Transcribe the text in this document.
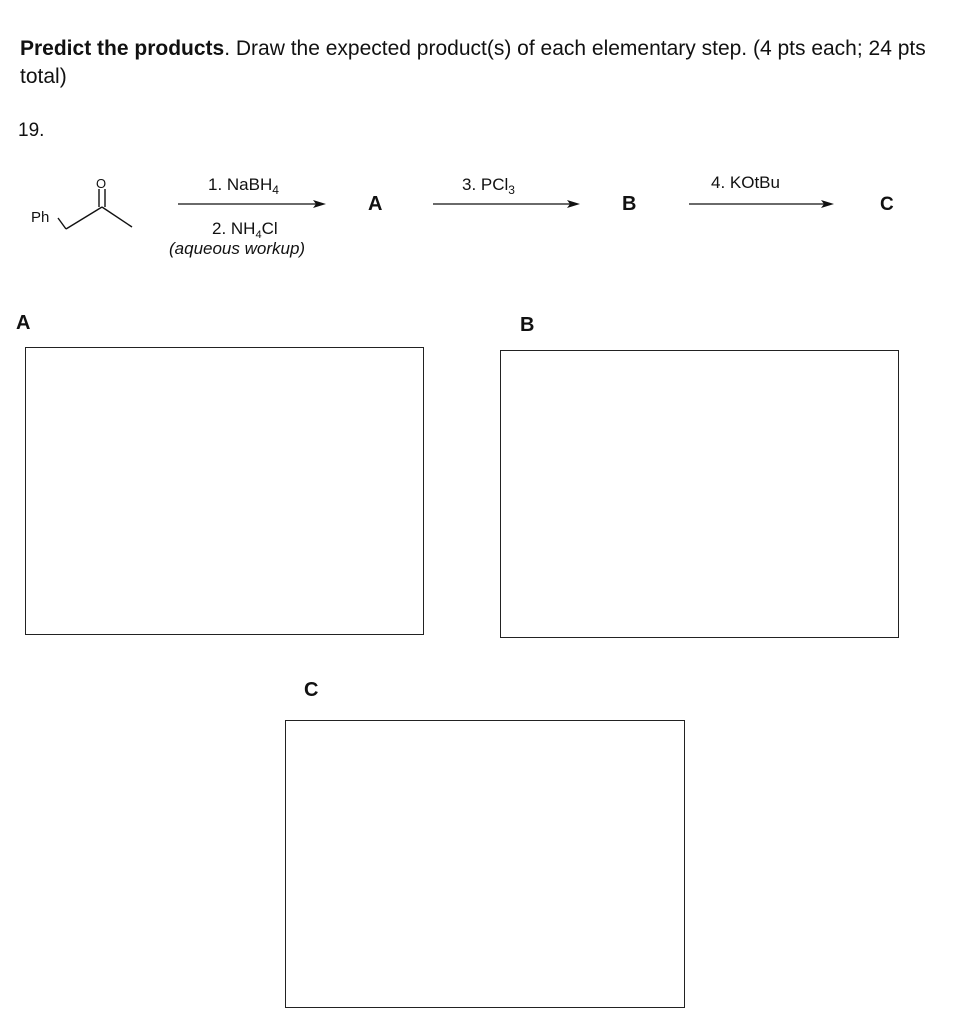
Predict the products. Draw the expected product(s) of each elementary step. (4 pts each; 24 pts total)
19.
Ph
O	1. NaBH$_4$
2. $NH_4Cl$
(aqueous workup)
A
3. PCl$_3$
B
4. KOtBu
C
A	B
C
